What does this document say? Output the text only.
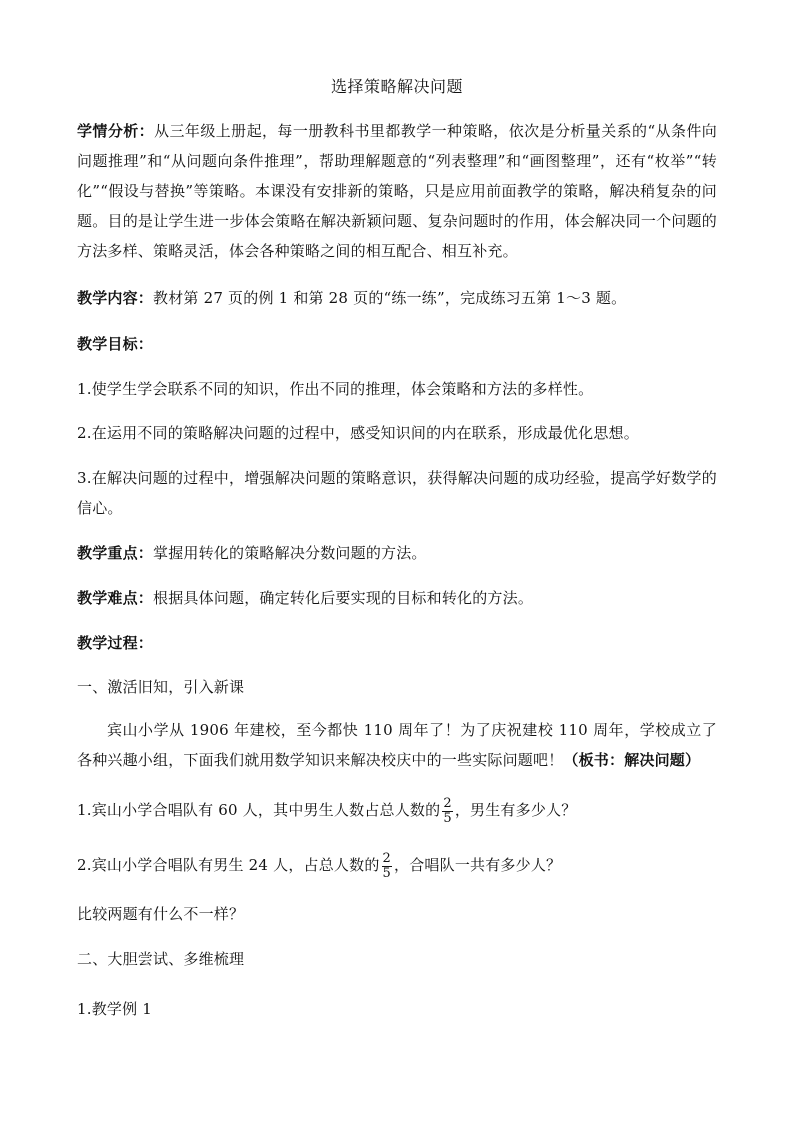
选择策略解决问题
学情分析：从三年级上册起，每一册教科书里都教学一种策略，依次是分析量关系的“从条件向问题推理”和“从问题向条件推理”，帮助理解题意的“列表整理”和“画图整理”，还有“枚举”“转化”“假设与替换”等策略。本课没有安排新的策略，只是应用前面教学的策略，解决稍复杂的问题。目的是让学生进一步体会策略在解决新颖问题、复杂问题时的作用，体会解决同一个问题的方法多样、策略灵活，体会各种策略之间的相互配合、相互补充。
教学内容：教材第 27 页的例 1 和第 28 页的“练一练”，完成练习五第 1～3 题。
教学目标：
1.使学生学会联系不同的知识，作出不同的推理，体会策略和方法的多样性。
2.在运用不同的策略解决问题的过程中，感受知识间的内在联系，形成最优化思想。
3.在解决问题的过程中，增强解决问题的策略意识，获得解决问题的成功经验，提高学好数学的信心。
教学重点：掌握用转化的策略解决分数问题的方法。
教学难点：根据具体问题，确定转化后要实现的目标和转化的方法。
教学过程：
一、激活旧知，引入新课
宾山小学从 1906 年建校，至今都快 110 周年了！为了庆祝建校 110 周年，学校成立了各种兴趣小组，下面我们就用数学知识来解决校庆中的一些实际问题吧！（板书：解决问题）
1.宾山小学合唱队有 60 人，其中男生人数占总人数的 $\frac{2}{5}$ ，男生有多少人？
2.宾山小学合唱队有男生 24 人，占总人数的 $\frac{2}{5}$ ，合唱队一共有多少人？
比较两题有什么不一样？
二、大胆尝试、多维梳理
1.教学例 1
